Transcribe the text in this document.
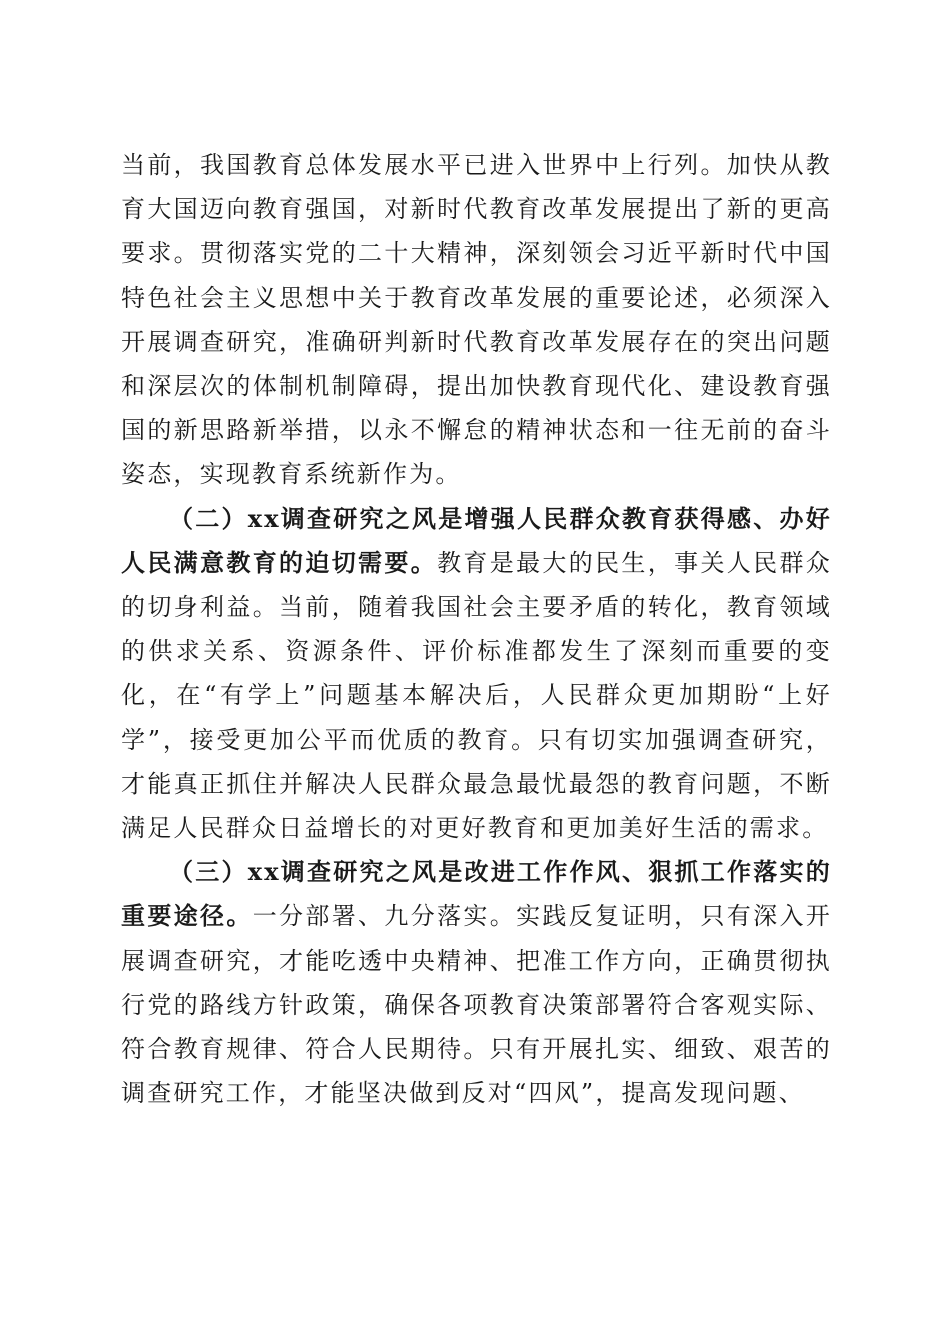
当前，我国教育总体发展水平已进入世界中上行列。加快从教育大国迈向教育强国，对新时代教育改革发展提出了新的更高要求。贯彻落实党的二十大精神，深刻领会习近平新时代中国特色社会主义思想中关于教育改革发展的重要论述，必须深入开展调查研究，准确研判新时代教育改革发展存在的突出问题和深层次的体制机制障碍，提出加快教育现代化、建设教育强国的新思路新举措，以永不懈怠的精神状态和一往无前的奋斗姿态，实现教育系统新作为。

（二）xx调查研究之风是增强人民群众教育获得感、办好人民满意教育的迫切需要。教育是最大的民生，事关人民群众的切身利益。当前，随着我国社会主要矛盾的转化，教育领域的供求关系、资源条件、评价标准都发生了深刻而重要的变化，在“有学上”问题基本解决后，人民群众更加期盼“上好学”，接受更加公平而优质的教育。只有切实加强调查研究，才能真正抓住并解决人民群众最急最忧最怨的教育问题，不断满足人民群众日益增长的对更好教育和更加美好生活的需求。

（三）xx调查研究之风是改进工作作风、狠抓工作落实的重要途径。一分部署、九分落实。实践反复证明，只有深入开展调查研究，才能吃透中央精神、把准工作方向，正确贯彻执行党的路线方针政策，确保各项教育决策部署符合客观实际、符合教育规律、符合人民期待。只有开展扎实、细致、艰苦的调查研究工作，才能坚决做到反对“四风”，提高发现问题、
